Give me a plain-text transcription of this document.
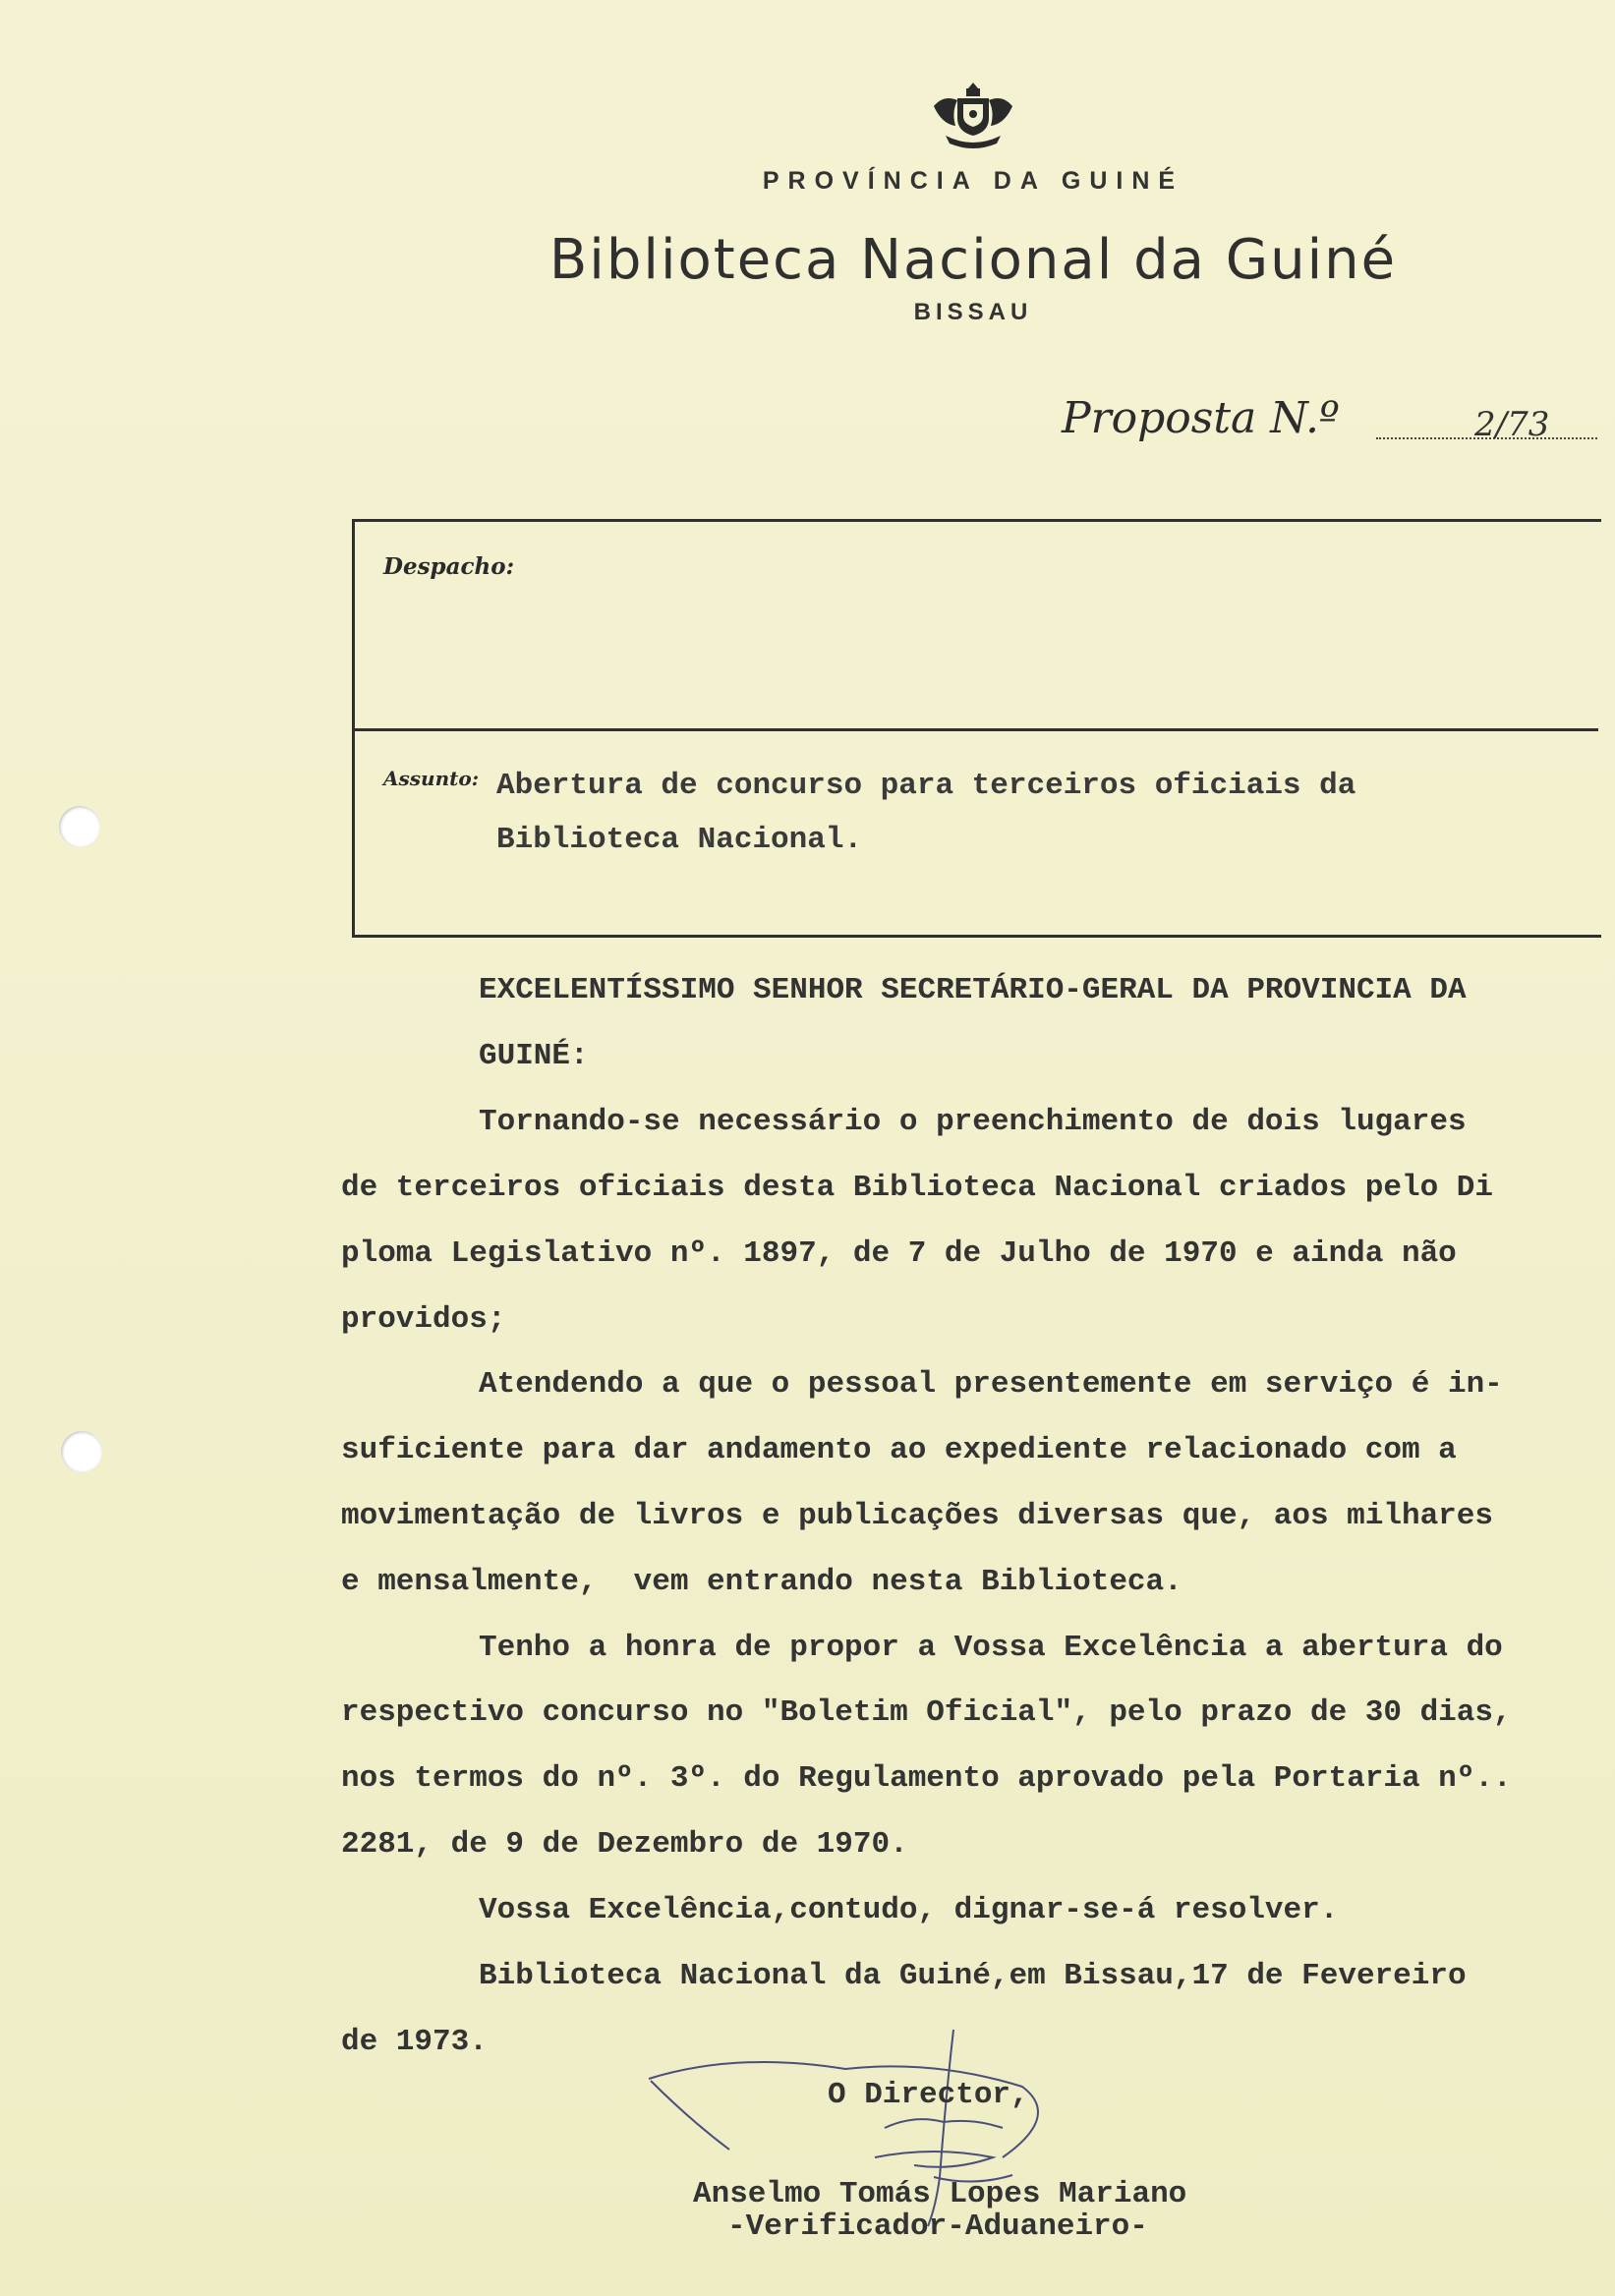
PROVÍNCIA DA GUINÉ
Biblioteca Nacional da Guiné
BISSAU
Proposta N.º	2/73
Despacho:
Assunto: Abertura de concurso para terceiros oficiais da
Biblioteca Nacional.
EXCELENTÍSSIMO SENHOR SECRETÁRIO-GERAL DA PROVINCIA DA
GUINÉ:
Tornando-se necessário o preenchimento de dois lugares
de terceiros oficiais desta Biblioteca Nacional criados pelo Di
ploma Legislativo nº. 1897, de 7 de Julho de 1970 e ainda não
providos;
Atendendo a que o pessoal presentemente em serviço é in-
suficiente para dar andamento ao expediente relacionado com a
movimentação de livros e publicações diversas que, aos milhares
e mensalmente,  vem entrando nesta Biblioteca.
Tenho a honra de propor a Vossa Excelência a abertura do
respectivo concurso no "Boletim Oficial", pelo prazo de 30 dias,
nos termos do nº. 3º. do Regulamento aprovado pela Portaria nº..
2281, de 9 de Dezembro de 1970.
Vossa Excelência,contudo, dignar-se-á resolver.
Biblioteca Nacional da Guiné,em Bissau,17 de Fevereiro
de 1973.
O Director,
Anselmo Tomás Lopes Mariano
-Verificador-Aduaneiro-
